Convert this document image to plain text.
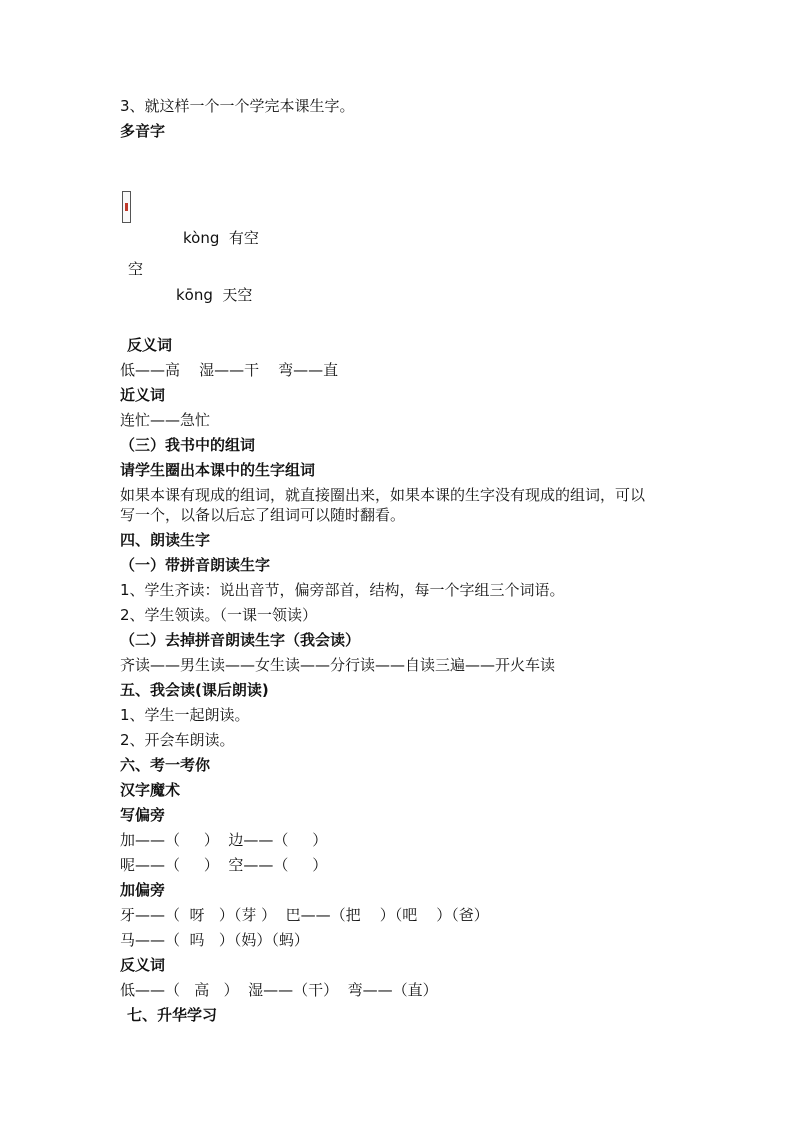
3、就这样一个一个学完本课生字。
多音字
kòng  有空
空
kōng  天空
反义词
低——高    湿——干    弯——直
近义词
连忙——急忙
（三）我书中的组词
请学生圈出本课中的生字组词
如果本课有现成的组词，就直接圈出来，如果本课的生字没有现成的组词，可以
写一个，以备以后忘了组词可以随时翻看。
四、朗读生字
（一）带拼音朗读生字
1、学生齐读：说出音节，偏旁部首，结构，每一个字组三个词语。
2、学生领读。（一课一领读）
（二）去掉拼音朗读生字（我会读）
齐读——男生读——女生读——分行读——自读三遍——开火车读
五、我会读(课后朗读)
1、学生一起朗读。
2、开会车朗读。
六、考一考你
汉字魔术
写偏旁
加——（     ）  边——（     ）
呢——（     ）  空——（     ）
加偏旁
牙——（  呀   ）（芽 ）  巴——（把    ）（吧    ）（爸）
马——（  吗   ）（妈）（蚂）
反义词
低——（   高   ）  湿——（干）  弯——（直）
七、升华学习
